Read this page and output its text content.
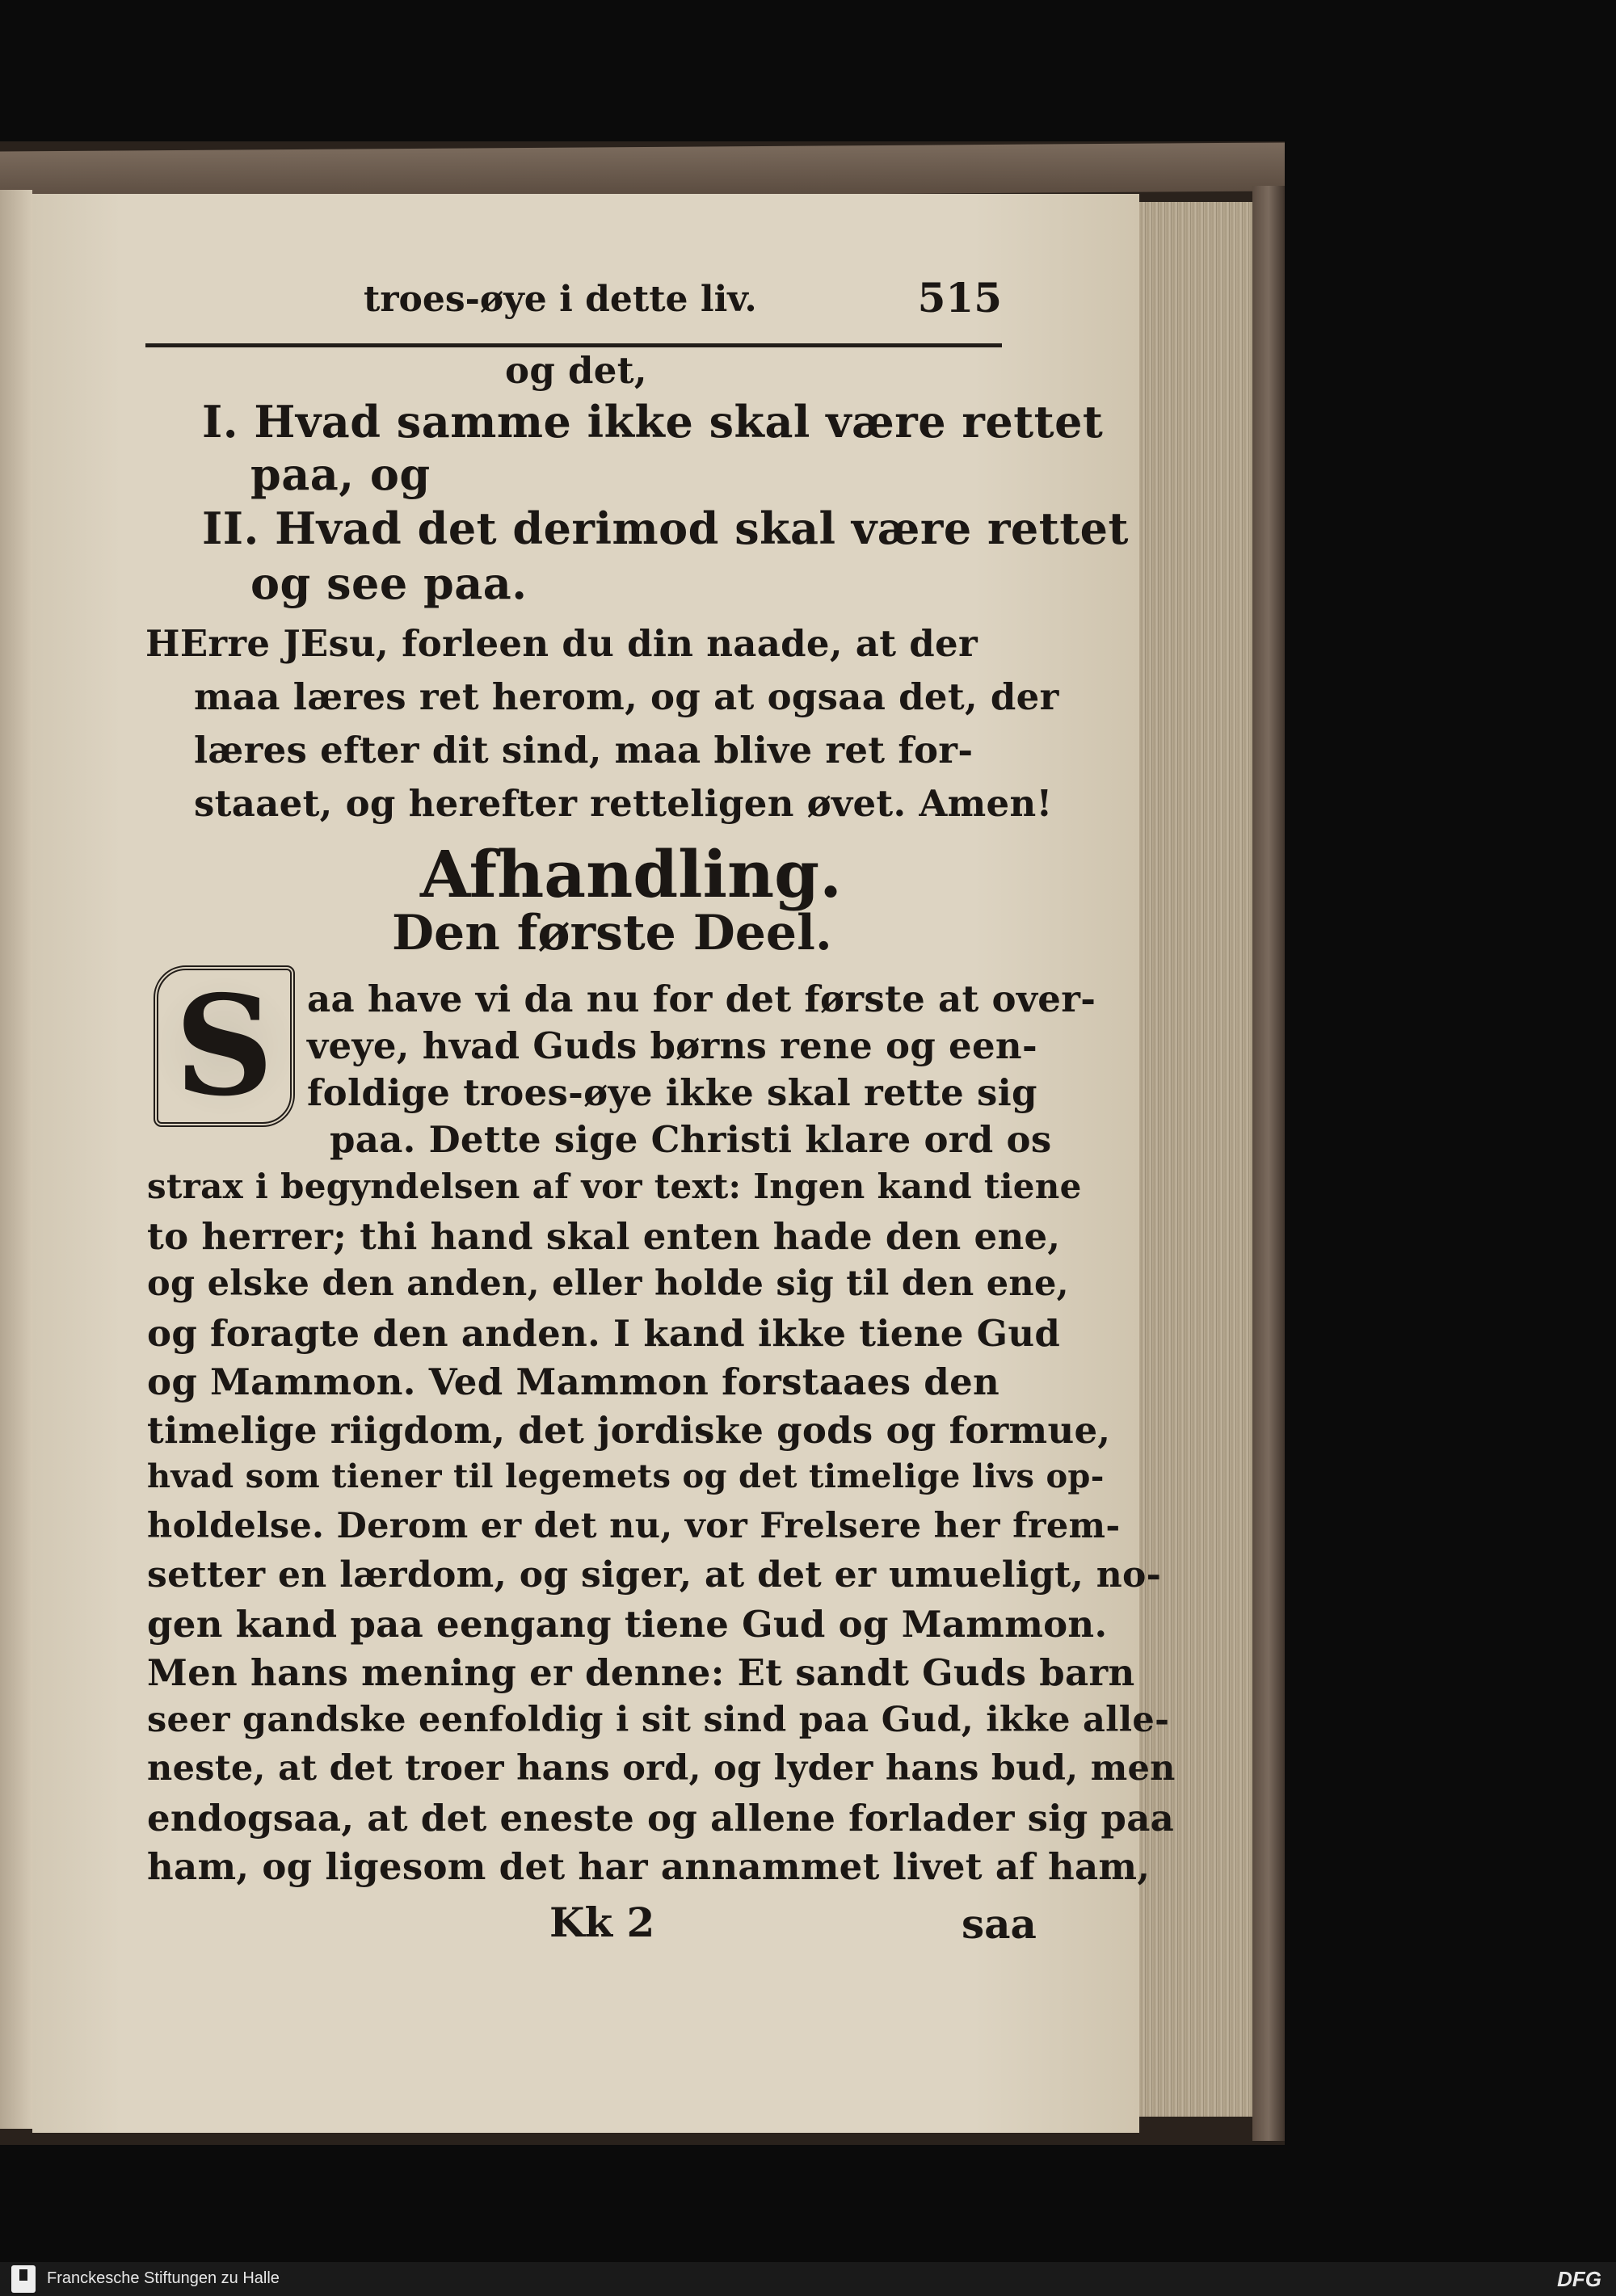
troes-øye i dette liv.	515
og det,
I. Hvad samme ikke skal være rettet
paa, og
II. Hvad det derimod skal være rettet
og see paa.
HErre JEsu, forleen du din naade, at der
maa læres ret herom, og at ogsaa det, der
læres efter dit sind, maa blive ret for-
staaet, og herefter retteligen øvet. Amen!
Afhandling.
Den første Deel.
S aa have vi da nu for det første at over-
veye, hvad Guds børns rene og een-
foldige troes-øye ikke skal rette sig
paa. Dette sige Christi klare ord os
strax i begyndelsen af vor text: Ingen kand tiene
to herrer; thi hand skal enten hade den ene,
og elske den anden, eller holde sig til den ene,
og foragte den anden. I kand ikke tiene Gud
og Mammon. Ved Mammon forstaaes den
timelige riigdom, det jordiske gods og formue,
hvad som tiener til legemets og det timelige livs op-
holdelse. Derom er det nu, vor Frelsere her frem-
setter en lærdom, og siger, at det er umueligt, no-
gen kand paa eengang tiene Gud og Mammon.
Men hans mening er denne: Et sandt Guds barn
seer gandske eenfoldig i sit sind paa Gud, ikke alle-
neste, at det troer hans ord, og lyder hans bud, men
endogsaa, at det eneste og allene forlader sig paa
ham, og ligesom det har annammet livet af ham,
Kk 2	saa
Franckesche Stiftungen zu Halle	DFG
